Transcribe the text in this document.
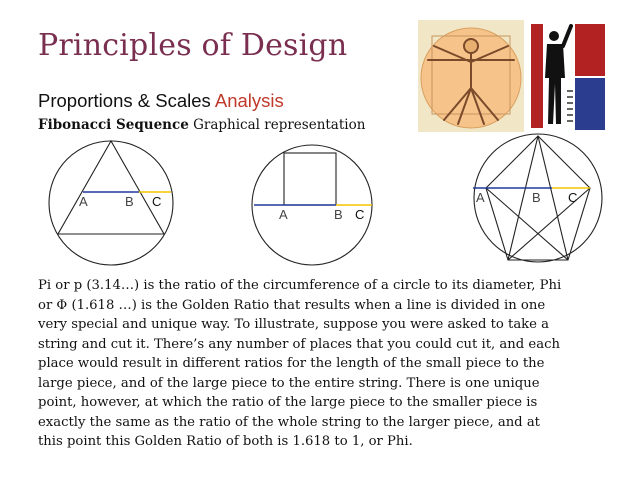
Principles of Design
Proportions & Scales Analysis
Fibonacci Sequence Graphical representation
A	B C
A	B C
A	B C

Pi or p (3.14…) is the ratio of the circumference of a circle to its diameter, Phi

or Φ (1.618 …) is the Golden Ratio that results when a line is divided in one

very special and unique way. To illustrate, suppose you were asked to take a

string and cut it. There’s any number of places that you could cut it, and each

place would result in different ratios for the length of the small piece to the

large piece, and of the large piece to the entire string. There is one unique

point, however, at which the ratio of the large piece to the smaller piece is

exactly the same as the ratio of the whole string to the larger piece, and at

this point this Golden Ratio of both is 1.618 to 1, or Phi.
